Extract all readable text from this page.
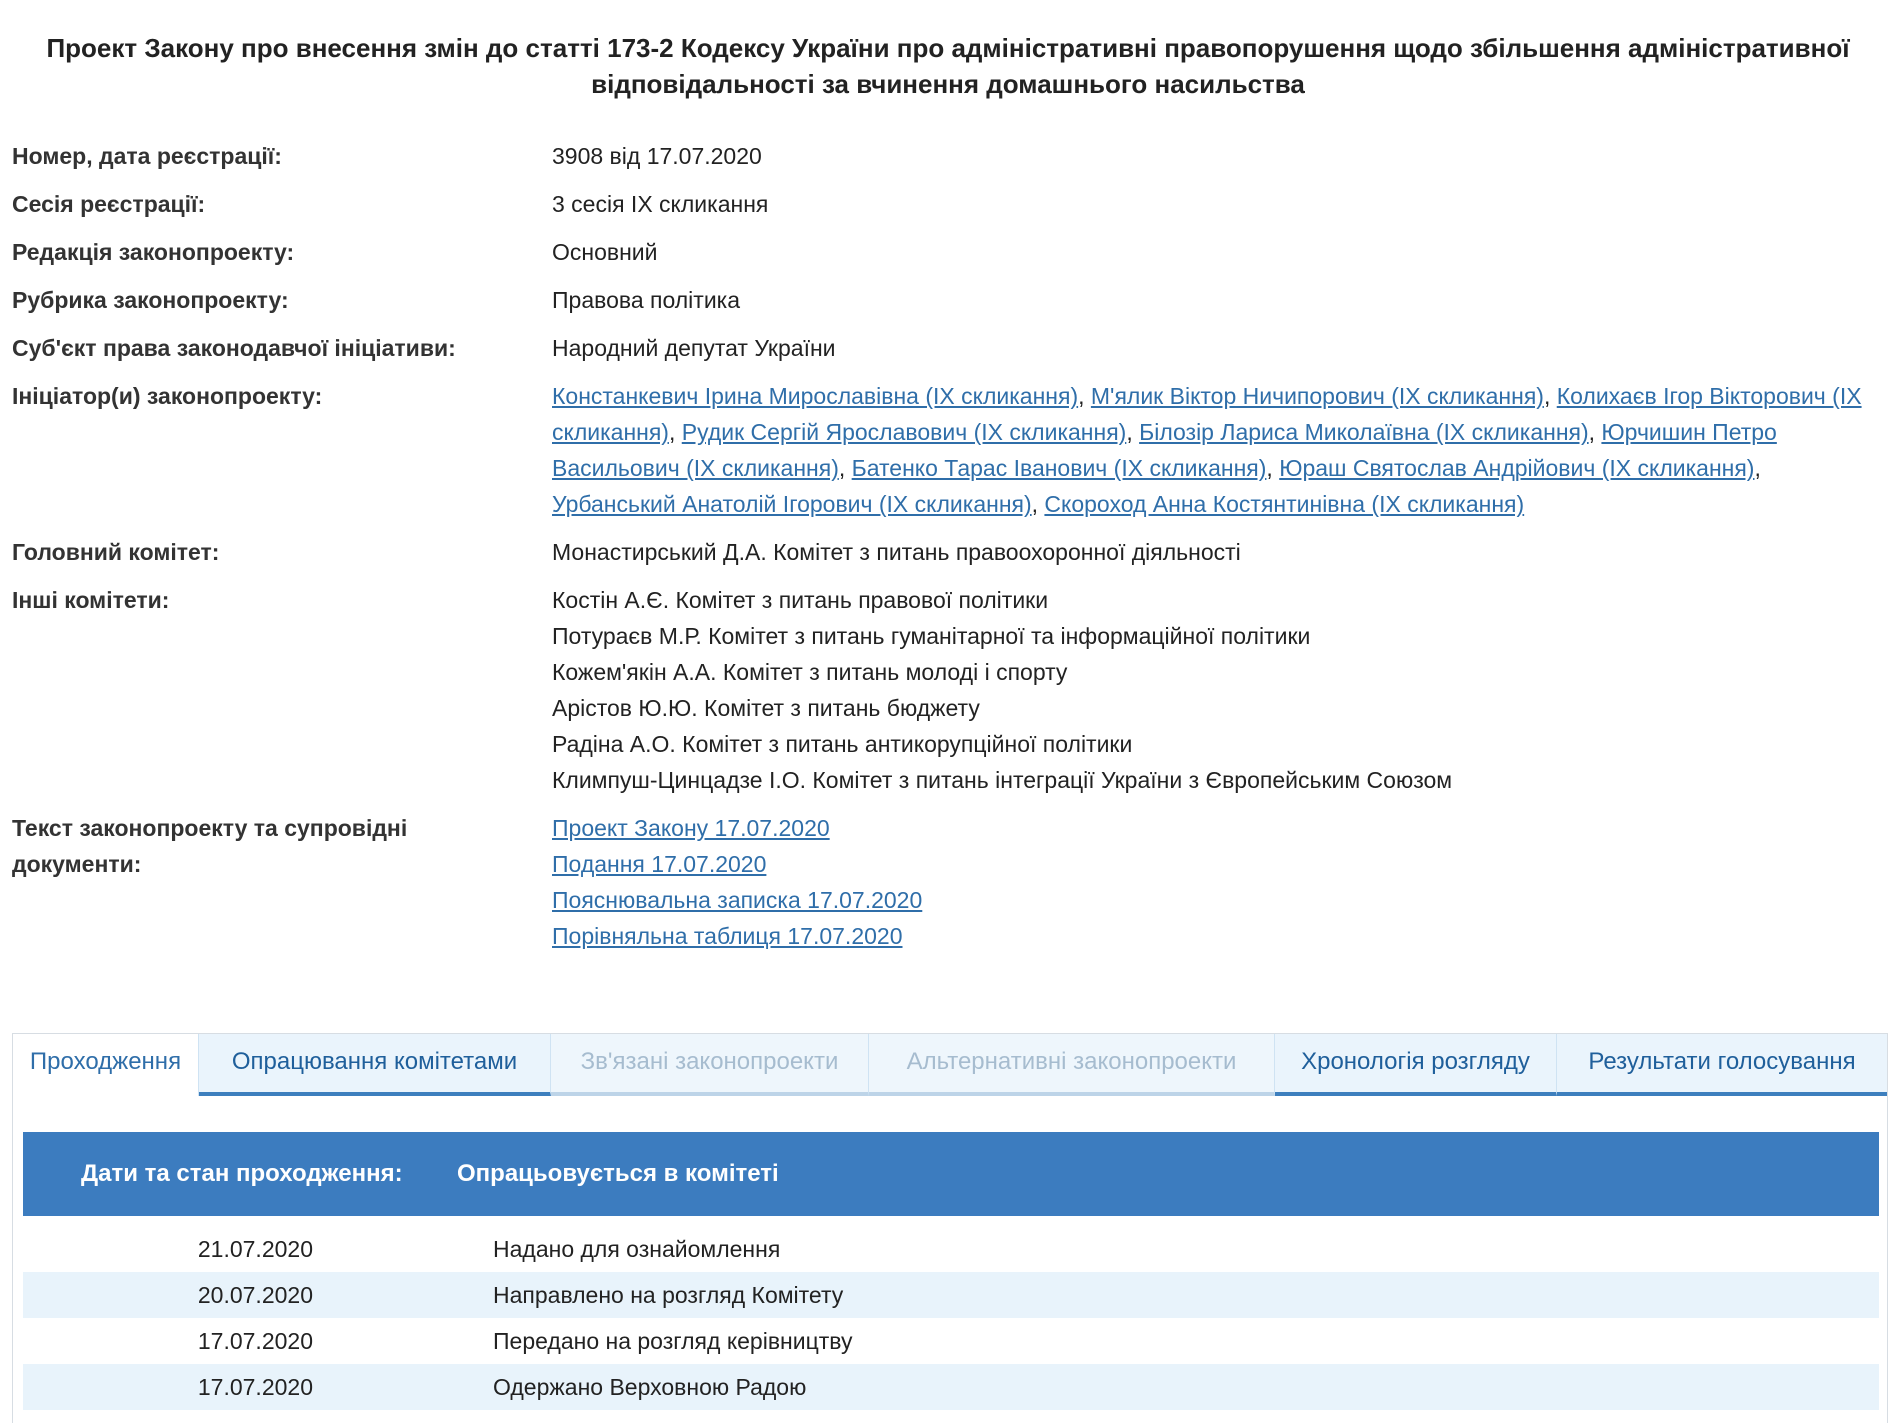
Проект Закону про внесення змін до статті 173-2 Кодексу України про адміністративні правопорушення щодо збільшення адміністративної відповідальності за вчинення домашнього насильства
Номер, дата реєстрації:	3908 від 17.07.2020
Сесія реєстрації:	3 сесія IX скликання
Редакція законопроекту:	Основний
Рубрика законопроекту:	Правова політика
Суб'єкт права законодавчої ініціативи:	Народний депутат України
Ініціатор(и) законопроекту:	Констанкевич Ірина Мирославівна (IX скликання), М'ялик Віктор Ничипорович (IX скликання), Колихаєв Ігор Вікторович (IX скликання), Рудик Сергій Ярославович (IX скликання), Білозір Лариса Миколаївна (IX скликання), Юрчишин Петро Васильович (IX скликання), Батенко Тарас Іванович (IX скликання), Юраш Святослав Андрійович (IX скликання), Урбанський Анатолій Ігорович (IX скликання), Скороход Анна Костянтинівна (IX скликання)
Головний комітет:	Монастирський Д.А. Комітет з питань правоохоронної діяльності
Інші комітети:	Костін А.Є. Комітет з питань правової політики
Потураєв М.Р. Комітет з питань гуманітарної та інформаційної політики
Кожем'якін А.А. Комітет з питань молоді і спорту
Арістов Ю.Ю. Комітет з питань бюджету
Радіна А.О. Комітет з питань антикорупційної політики
Климпуш-Цинцадзе І.О. Комітет з питань інтеграції України з Європейським Союзом
Текст законопроекту та супровідні документи:
Проект Закону 17.07.2020
Подання 17.07.2020
Пояснювальна записка 17.07.2020
Порівняльна таблиця 17.07.2020
Проходження	Опрацювання комітетами	Зв'язані законопроекти	Альтернативні законопроекти	Хронологія розгляду	Результати голосування
Дати та стан проходження:	Опрацьовується в комітеті
21.07.2020	Надано для ознайомлення
20.07.2020	Направлено на розгляд Комітету
17.07.2020	Передано на розгляд керівництву
17.07.2020	Одержано Верховною Радою
